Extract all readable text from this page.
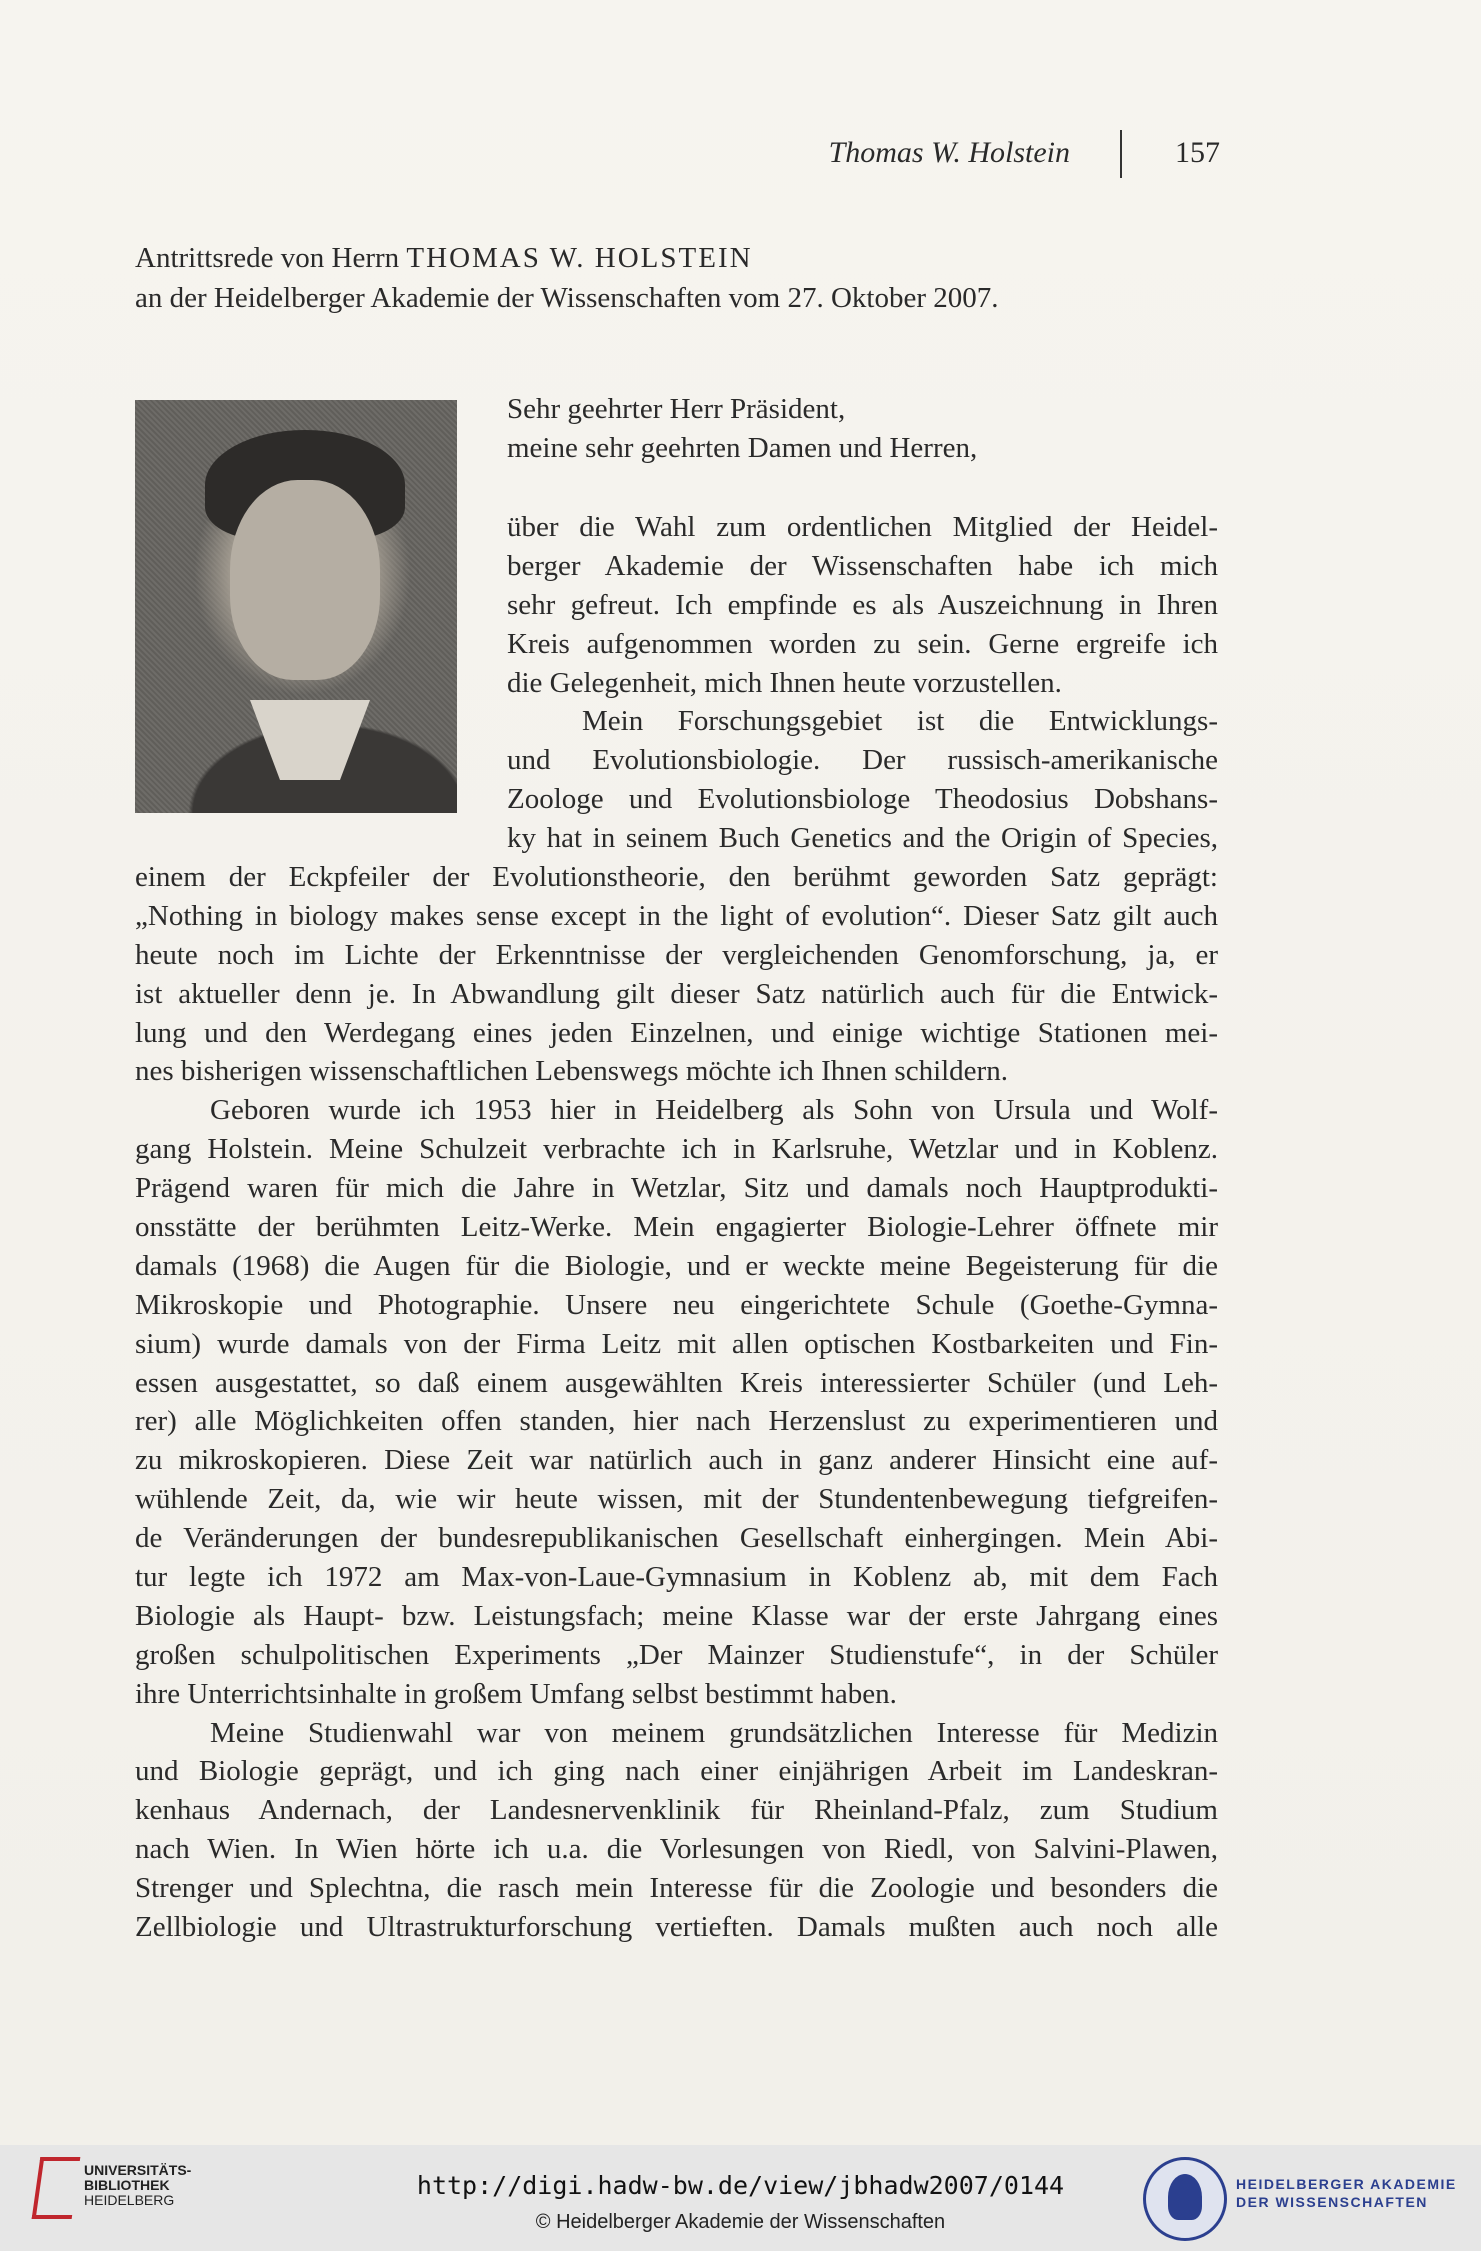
Thomas W. Holstein	157
Antrittsrede von Herrn THOMAS W. HOLSTEIN
an der Heidelberger Akademie der Wissenschaften vom 27. Oktober 2007.
Sehr geehrter Herr Präsident,
meine sehr geehrten Damen und Herren,
über die Wahl zum ordentlichen Mitglied der Heidel-
berger Akademie der Wissenschaften habe ich mich
sehr gefreut. Ich empfinde es als Auszeichnung in Ihren
Kreis aufgenommen worden zu sein. Gerne ergreife ich
die Gelegenheit, mich Ihnen heute vorzustellen.
Mein Forschungsgebiet ist die Entwicklungs-
und Evolutionsbiologie. Der russisch-amerikanische
Zoologe und Evolutionsbiologe Theodosius Dobshans-
ky hat in seinem Buch Genetics and the Origin of Species,
einem der Eckpfeiler der Evolutionstheorie, den berühmt geworden Satz geprägt:
„Nothing in biology makes sense except in the light of evolution“. Dieser Satz gilt auch
heute noch im Lichte der Erkenntnisse der vergleichenden Genomforschung, ja, er
ist aktueller denn je. In Abwandlung gilt dieser Satz natürlich auch für die Entwick-
lung und den Werdegang eines jeden Einzelnen, und einige wichtige Stationen mei-
nes bisherigen wissenschaftlichen Lebenswegs möchte ich Ihnen schildern.
Geboren wurde ich 1953 hier in Heidelberg als Sohn von Ursula und Wolf-
gang Holstein. Meine Schulzeit verbrachte ich in Karlsruhe, Wetzlar und in Koblenz.
Prägend waren für mich die Jahre in Wetzlar, Sitz und damals noch Hauptprodukti-
onsstätte der berühmten Leitz-Werke. Mein engagierter Biologie-Lehrer öffnete mir
damals (1968) die Augen für die Biologie, und er weckte meine Begeisterung für die
Mikroskopie und Photographie. Unsere neu eingerichtete Schule (Goethe-Gymna-
sium) wurde damals von der Firma Leitz mit allen optischen Kostbarkeiten und Fin-
essen ausgestattet, so daß einem ausgewählten Kreis interessierter Schüler (und Leh-
rer) alle Möglichkeiten offen standen, hier nach Herzenslust zu experimentieren und
zu mikroskopieren. Diese Zeit war natürlich auch in ganz anderer Hinsicht eine auf-
wühlende Zeit, da, wie wir heute wissen, mit der Stundentenbewegung tiefgreifen-
de Veränderungen der bundesrepublikanischen Gesellschaft einhergingen. Mein Abi-
tur legte ich 1972 am Max-von-Laue-Gymnasium in Koblenz ab, mit dem Fach
Biologie als Haupt- bzw. Leistungsfach; meine Klasse war der erste Jahrgang eines
großen schulpolitischen Experiments „Der Mainzer Studienstufe“, in der Schüler
ihre Unterrichtsinhalte in großem Umfang selbst bestimmt haben.
Meine Studienwahl war von meinem grundsätzlichen Interesse für Medizin
und Biologie geprägt, und ich ging nach einer einjährigen Arbeit im Landeskran-
kenhaus Andernach, der Landesnervenklinik für Rheinland-Pfalz, zum Studium
nach Wien. In Wien hörte ich u.a. die Vorlesungen von Riedl, von Salvini-Plawen,
Strenger und Splechtna, die rasch mein Interesse für die Zoologie und besonders die
Zellbiologie und Ultrastrukturforschung vertieften. Damals mußten auch noch alle
UNIVERSITÄTS-
BIBLIOTHEK
HEIDELBERG	http://digi.hadw-bw.de/view/jbhadw2007/0144
© Heidelberger Akademie der Wissenschaften
HEIDELBERGER AKADEMIE
DER WISSENSCHAFTEN
